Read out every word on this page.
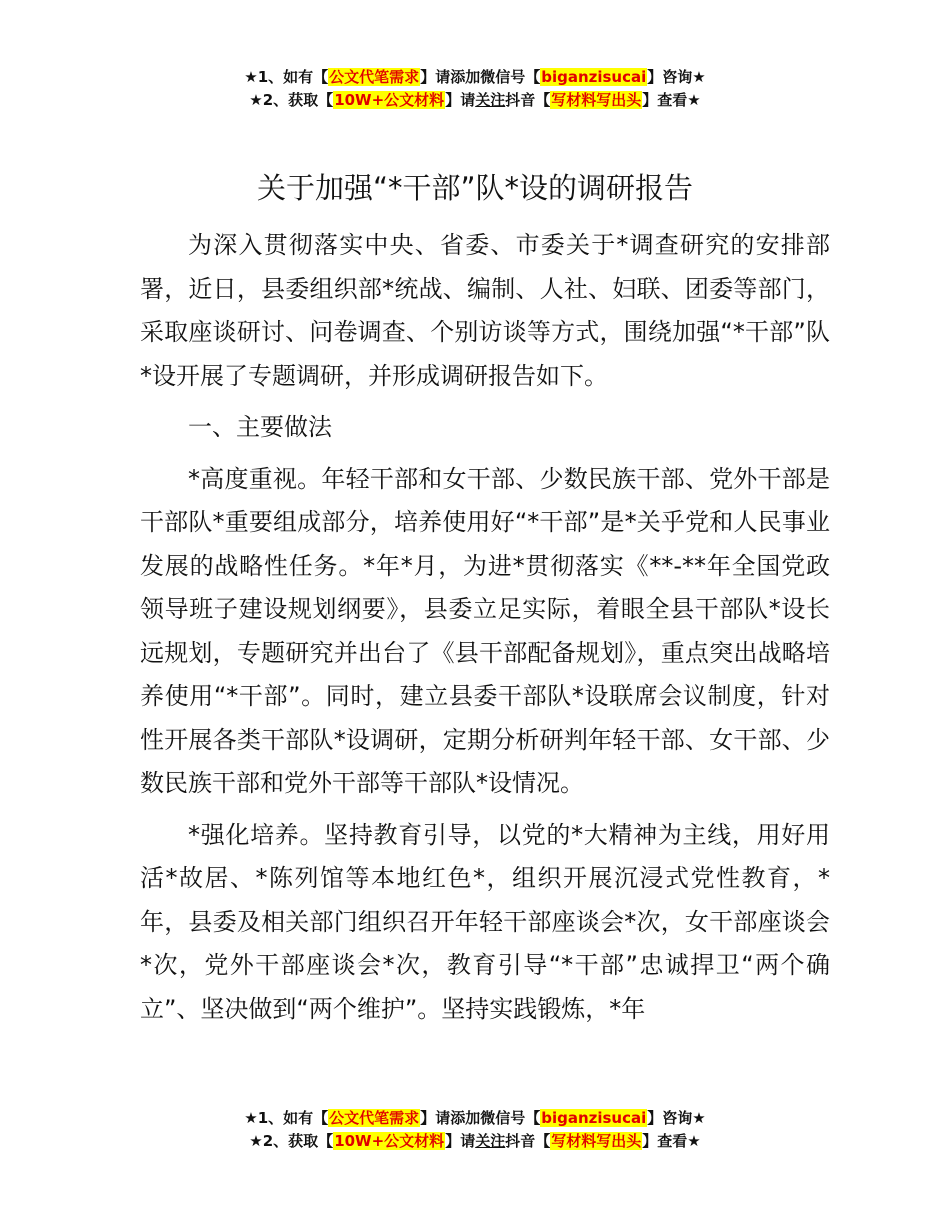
★1、如有【公文代笔需求】请添加微信号【biganzisucai】咨询★
★2、获取【10W+公文材料】请关注抖音【写材料写出头】查看★
关于加强“*干部”队*设的调研报告

为深入贯彻落实中央、省委、市委关于*调查研究的安排部署，近日，县委组织部*统战、编制、人社、妇联、团委等部门，采取座谈研讨、问卷调查、个别访谈等方式，围绕加强“*干部”队*设开展了专题调研，并形成调研报告如下。

一、主要做法

*高度重视。年轻干部和女干部、少数民族干部、党外干部是干部队*重要组成部分，培养使用好“*干部”是*关乎党和人民事业发展的战略性任务。*年*月，为进*贯彻落实《**-**年全国党政领导班子建设规划纲要》，县委立足实际，着眼全县干部队*设长远规划，专题研究并出台了《县干部配备规划》，重点突出战略培养使用“*干部”。同时，建立县委干部队*设联席会议制度，针对性开展各类干部队*设调研，定期分析研判年轻干部、女干部、少数民族干部和党外干部等干部队*设情况。

*强化培养。坚持教育引导，以党的*大精神为主线，用好用活*故居、*陈列馆等本地红色*，组织开展沉浸式党性教育，*年，县委及相关部门组织召开年轻干部座谈会*次，女干部座谈会*次，党外干部座谈会*次，教育引导“*干部”忠诚捍卫“两个确立”、坚决做到“两个维护”。坚持实践锻炼，*年

★1、如有【公文代笔需求】请添加微信号【biganzisucai】咨询★
★2、获取【10W+公文材料】请关注抖音【写材料写出头】查看★
